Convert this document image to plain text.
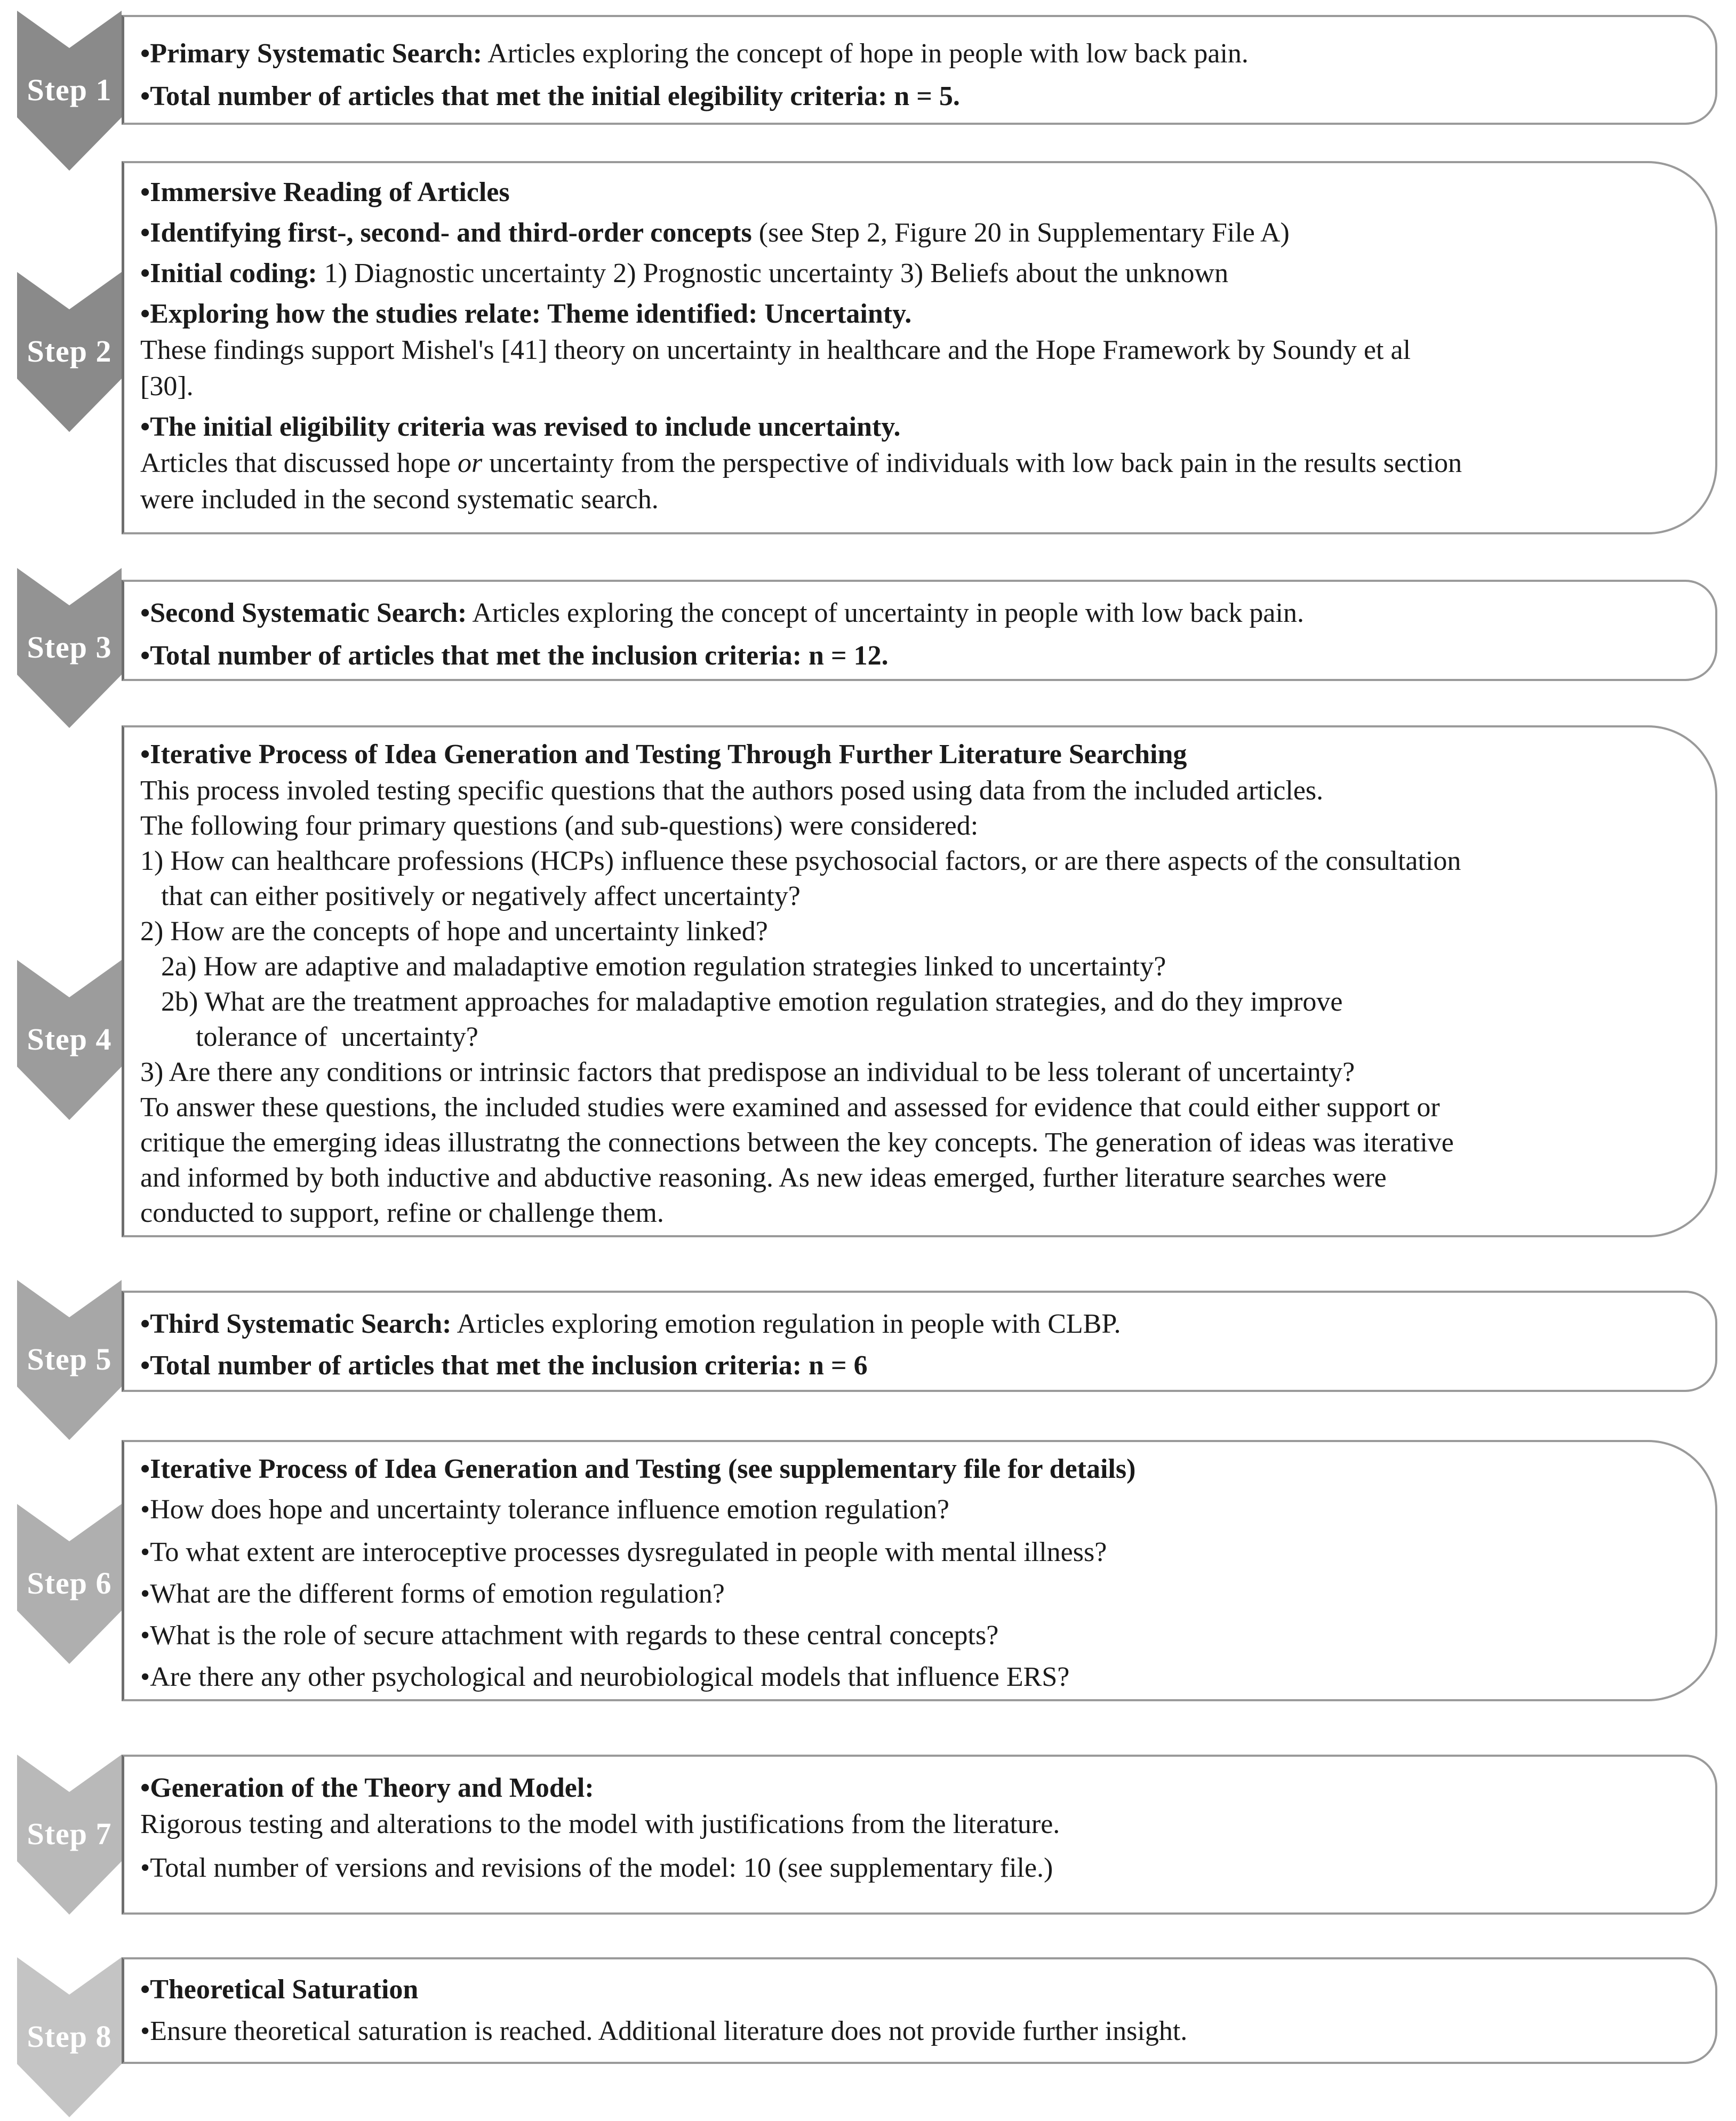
Step 1
•Primary Systematic Search: Articles exploring the concept of hope in people with low back pain.
•Total number of articles that met the initial elegibility criteria: n = 5.
Step 2
•Immersive Reading of Articles
•Identifying first-, second- and third-order concepts (see Step 2, Figure 20 in Supplementary File A)
•Initial coding: 1) Diagnostic uncertainty 2) Prognostic uncertainty 3) Beliefs about the unknown
•Exploring how the studies relate: Theme identified: Uncertainty.
These findings support Mishel's [41] theory on uncertainty in healthcare and the Hope Framework by Soundy et al
[30].
•The initial eligibility criteria was revised to include uncertainty.
Articles that discussed hope or uncertainty from the perspective of individuals with low back pain in the results section
were included in the second systematic search.
Step 3
•Second Systematic Search: Articles exploring the concept of uncertainty in people with low back pain.
•Total number of articles that met the inclusion criteria: n = 12.
Step 4
•Iterative Process of Idea Generation and Testing Through Further Literature Searching
This process involed testing specific questions that the authors posed using data from the included articles.
The following four primary questions (and sub-questions) were considered:
1) How can healthcare professions (HCPs) influence these psychosocial factors, or are there aspects of the consultation
that can either positively or negatively affect uncertainty?
2) How are the concepts of hope and uncertainty linked?
2a) How are adaptive and maladaptive emotion regulation strategies linked to uncertainty?
2b) What are the treatment approaches for maladaptive emotion regulation strategies, and do they improve
tolerance of  uncertainty?
3) Are there any conditions or intrinsic factors that predispose an individual to be less tolerant of uncertainty?
To answer these questions, the included studies were examined and assessed for evidence that could either support or
critique the emerging ideas illustratng the connections between the key concepts. The generation of ideas was iterative
and informed by both inductive and abductive reasoning. As new ideas emerged, further literature searches were
conducted to support, refine or challenge them.
Step 5
•Third Systematic Search: Articles exploring emotion regulation in people with CLBP.
•Total number of articles that met the inclusion criteria: n = 6
Step 6
•Iterative Process of Idea Generation and Testing (see supplementary file for details)
•How does hope and uncertainty tolerance influence emotion regulation?
•To what extent are interoceptive processes dysregulated in people with mental illness?
•What are the different forms of emotion regulation?
•What is the role of secure attachment with regards to these central concepts?
•Are there any other psychological and neurobiological models that influence ERS?
Step 7
•Generation of the Theory and Model:
Rigorous testing and alterations to the model with justifications from the literature.
•Total number of versions and revisions of the model: 10 (see supplementary file.)
Step 8
•Theoretical Saturation
•Ensure theoretical saturation is reached. Additional literature does not provide further insight.
